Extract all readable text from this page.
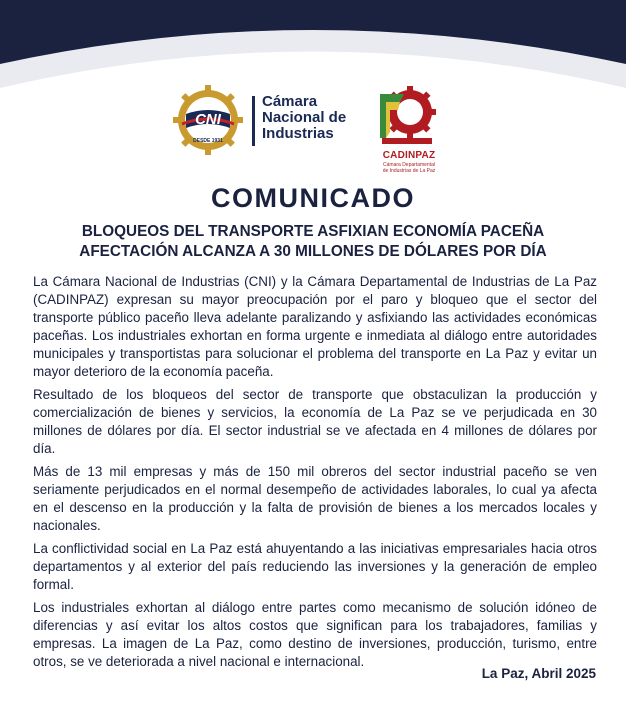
CNI
DESDE 1931
Cámara
Nacional de
Industrias
CADINPAZ
Cámara Departamental
de Industrias de La Paz
COMUNICADO
BLOQUEOS DEL TRANSPORTE ASFIXIAN ECONOMÍA PACEÑA
AFECTACIÓN ALCANZA A 30 MILLONES DE DÓLARES POR DÍA

La Cámara Nacional de Industrias (CNI) y la Cámara Departamental de Industrias de La Paz (CADINPAZ) expresan su mayor preocupación por el paro y bloqueo que el sector del transporte público paceño lleva adelante paralizando y asfixiando las actividades económicas paceñas. Los industriales exhortan en forma urgente e inmediata al diálogo entre autoridades municipales y transportistas para solucionar el problema del transporte en La Paz y evitar un mayor deterioro de la economía paceña.

Resultado de los bloqueos del sector de transporte que obstaculizan la producción y comercialización de bienes y servicios, la economía de La Paz se ve perjudicada en 30 millones de dólares por día. El sector industrial se ve afectada en 4 millones de dólares por día.

Más de 13 mil empresas y más de 150 mil obreros del sector industrial paceño se ven seriamente perjudicados en el normal desempeño de actividades laborales, lo cual ya afecta en el descenso en la producción y la falta de provisión de bienes a los mercados locales y nacionales.

La conflictividad social en La Paz está ahuyentando a las iniciativas empresariales hacia otros departamentos y al exterior del país reduciendo las inversiones y la generación de empleo formal.

Los industriales exhortan al diálogo entre partes como mecanismo de solución idóneo de diferencias y así evitar los altos costos que significan para los trabajadores, familias y empresas. La imagen de La Paz, como destino de inversiones, producción, turismo, entre otros, se ve deteriorada a nivel nacional e internacional.

La Paz, Abril 2025
